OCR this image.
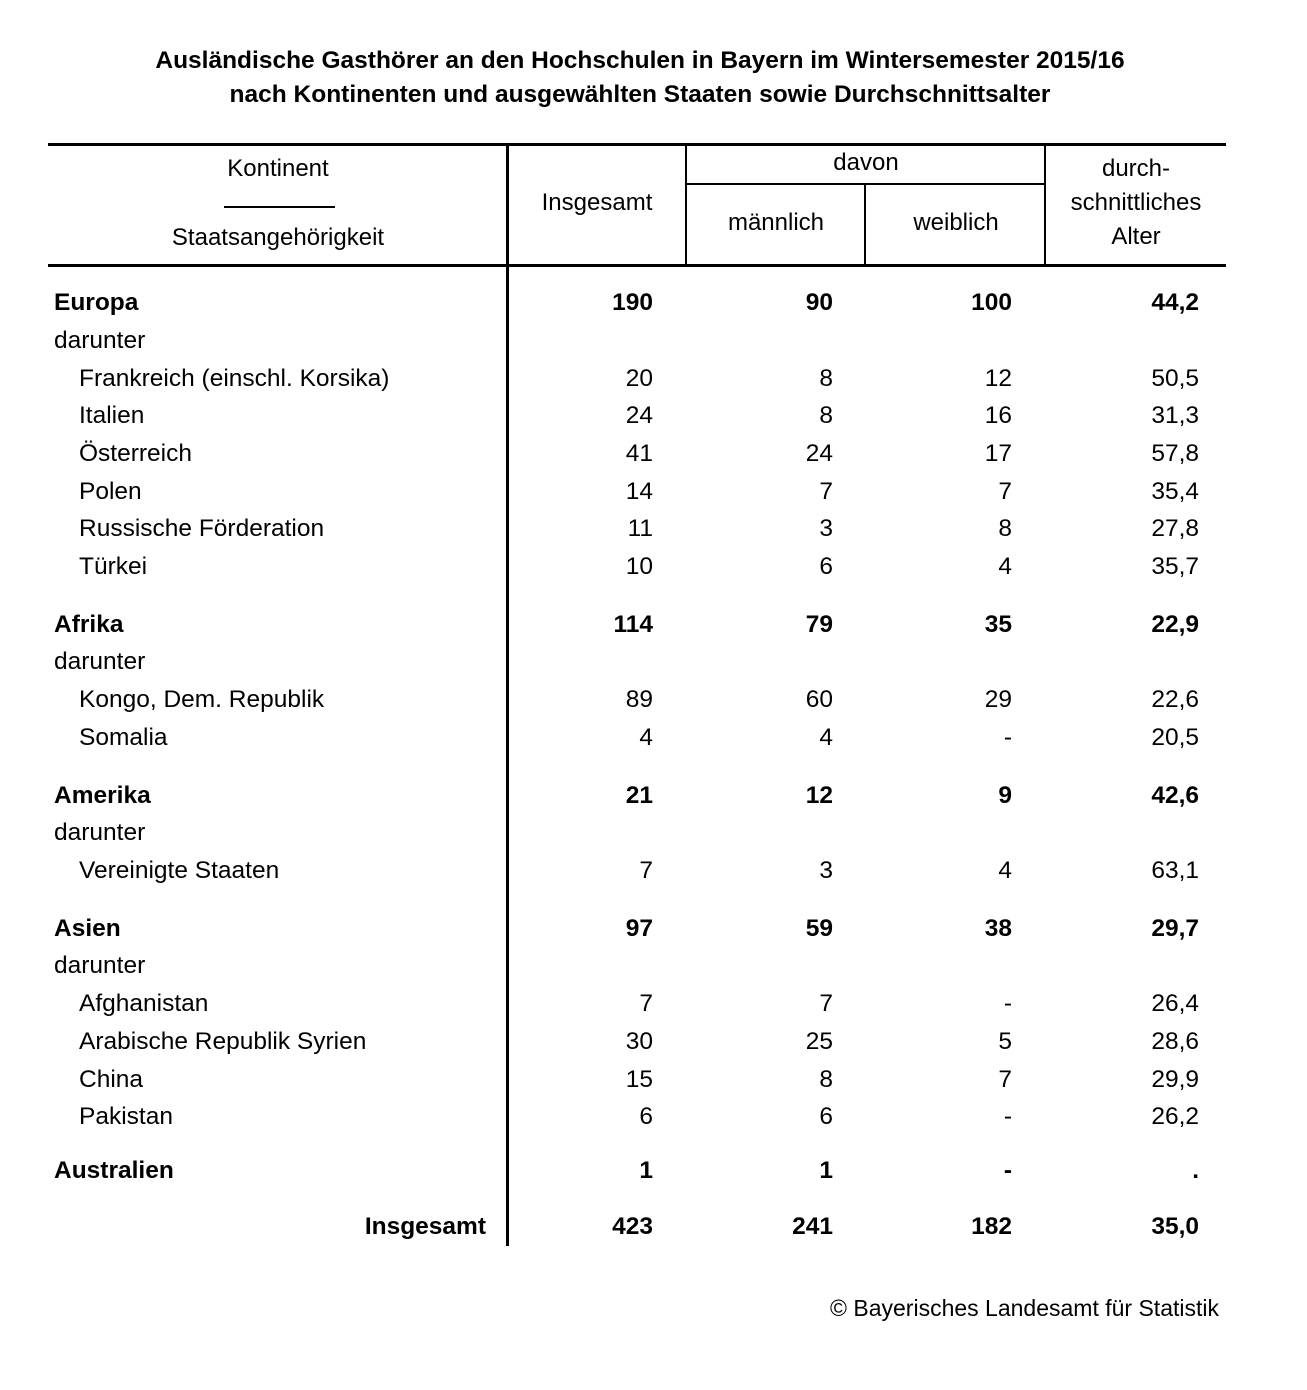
Ausländische Gasthörer an den Hochschulen in Bayern im Wintersemester 2015/16
nach Kontinenten und ausgewählten Staaten sowie Durchschnittsalter
Kontinent
Staatsangehörigkeit
Insgesamt
davon
männlich	weiblich
durch-
schnittliches
Alter
Europa	190	90	100	44,2
darunter
Frankreich (einschl. Korsika)	20	8	12	50,5
Italien	24	8	16	31,3
Österreich	41	24	17	57,8
Polen	14	7	7	35,4
Russische Förderation	11	3	8	27,8
Türkei	10	6	4	35,7
Afrika	114	79	35	22,9
darunter
Kongo, Dem. Republik	89	60	29	22,6
Somalia	4	4	-	20,5
Amerika	21	12	9	42,6
darunter
Vereinigte Staaten	7	3	4	63,1
Asien	97	59	38	29,7
darunter
Afghanistan	7	7	-	26,4
Arabische Republik Syrien	30	25	5	28,6
China	15	8	7	29,9
Pakistan	6	6	-	26,2
Australien	1	1	-	.
Insgesamt	423	241	182	35,0
© Bayerisches Landesamt für Statistik
